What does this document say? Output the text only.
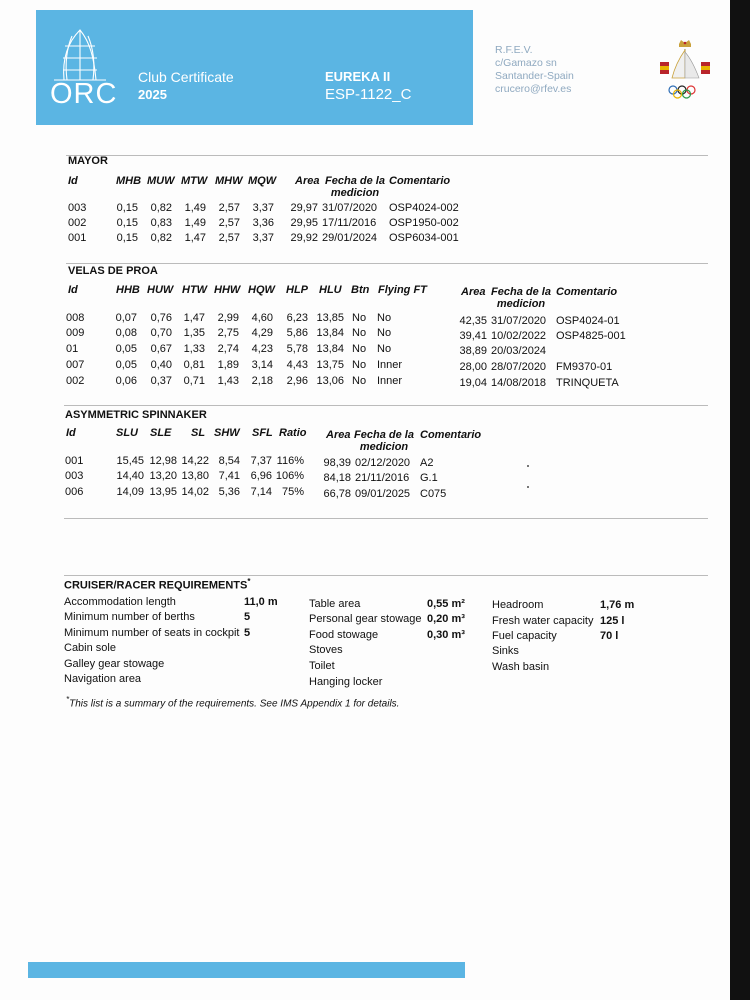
ORC
Club Certificate
2025
EUREKA II
ESP-1122_C
R.F.E.V.
c/Gamazo sn
Santander-Spain
crucero@rfev.es
MAYOR
Id	MHB MUW MTW MHW MQW Area Fecha de la medicion
Comentario
003	0,15	0,82	1,49	2,57	3,37	29,97 31/07/2020 OSP4024-002
002	0,15	0,83	1,49	2,57	3,36	29,95 17/11/2016 OSP1950-002
001	0,15	0,82	1,47	2,57	3,37	29,92 29/01/2024 OSP6034-001
VELAS DE PROA
Id	HHB HUW HTW HHW HQW HLP HLU Btn Flying FT	Area Fecha de la medicion
Comentario
008	0,07	0,76	1,47	2,99	4,60	6,23 13,85 No No	42,35 31/07/2020 OSP4024-01
009	0,08	0,70	1,35	2,75	4,29	5,86 13,84 No No	39,41 10/02/2022 OSP4825-001
01	0,05	0,67	1,33	2,74	4,23	5,78 13,84 No No	38,89 20/03/2024
007	0,05	0,40	0,81	1,89	3,14	4,43 13,75 No Inner	28,00 28/07/2020 FM9370-01
002	0,06	0,37	0,71	1,43	2,18	2,96 13,06 No Inner	19,04 14/08/2018 TRINQUETA
ASYMMETRIC SPINNAKER
Id	SLU SLE SL SHW SFL Ratio Area Fecha de la medicion
Comentario
001	15,45 12,98 14,22 8,54 7,37 116%	98,39 02/12/2020 A2
003	14,40 13,20 13,80 7,41 6,96 106%	84,18 21/11/2016 G.1
006	14,09 13,95 14,02 5,36 7,14 75%	66,78 09/01/2025 C075
CRUISER/RACER REQUIREMENTS*
Accommodation length	11,0 m
Minimum number of berths	5
Minimum number of seats in cockpit 5
Cabin sole
Galley gear stowage
Navigation area
Table area	0,55 m²
Personal gear stowage 0,20 m³
Food stowage	0,30 m³
Stoves
Toilet
Hanging locker
Headroom	1,76 m
Fresh water capacity 125 l
Fuel capacity	70 l
Sinks
Wash basin
*This list is a summary of the requirements. See IMS Appendix 1 for details.
